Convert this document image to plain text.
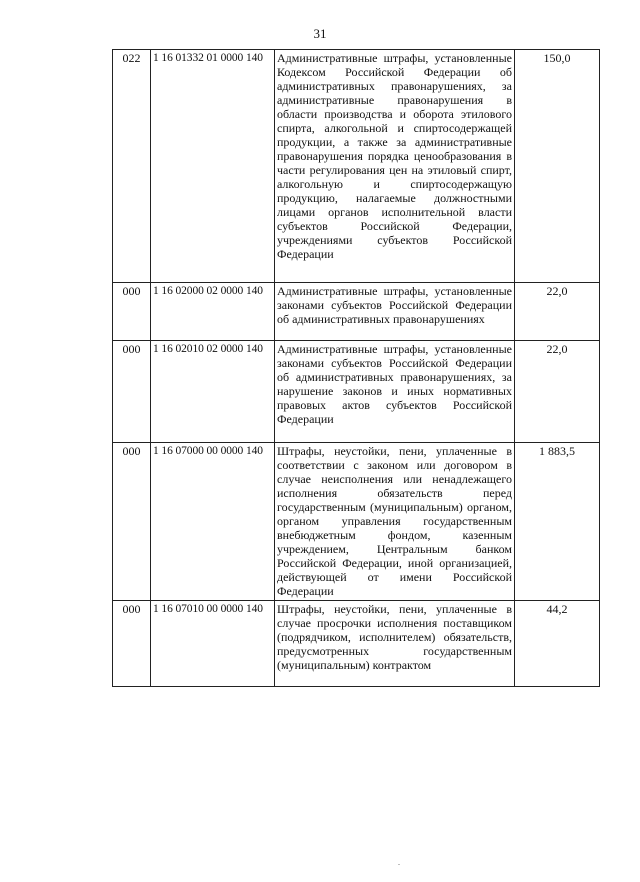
31
022	1 16 01332 01 0000 140	Административные штрафы, установленные Кодексом Российской Федерации об административных правонарушениях, за административные правонарушения в области производства и оборота этилового спирта, алкогольной и спиртосодержащей продукции, а также за административные правонарушения порядка ценообразования в части регулирования цен на этиловый спирт, алкогольную и спиртосодержащую продукцию, налагаемые должностными лицами органов исполнительной власти субъектов Российской Федерации, учреждениями субъектов Российской Федерации	150,0
000	1 16 02000 02 0000 140	Административные штрафы, установленные законами субъектов Российской Федерации об административных правонарушениях	22,0
000	1 16 02010 02 0000 140	Административные штрафы, установленные законами субъектов Российской Федерации об административных правонарушениях, за нарушение законов и иных нормативных правовых актов субъектов Российской Федерации	22,0
000	1 16 07000 00 0000 140	Штрафы, неустойки, пени, уплаченные в соответствии с законом или договором в случае неисполнения или ненадлежащего исполнения обязательств перед государственным (муниципальным) органом, органом управления государственным внебюджетным фондом, казенным учреждением, Центральным банком Российской Федерации, иной организацией, действующей от имени Российской Федерации	1 883,5
000	1 16 07010 00 0000 140	Штрафы, неустойки, пени, уплаченные в случае просрочки исполнения поставщиком (подрядчиком, исполнителем) обязательств, предусмотренных государственным (муниципальным) контрактом	44,2
.
